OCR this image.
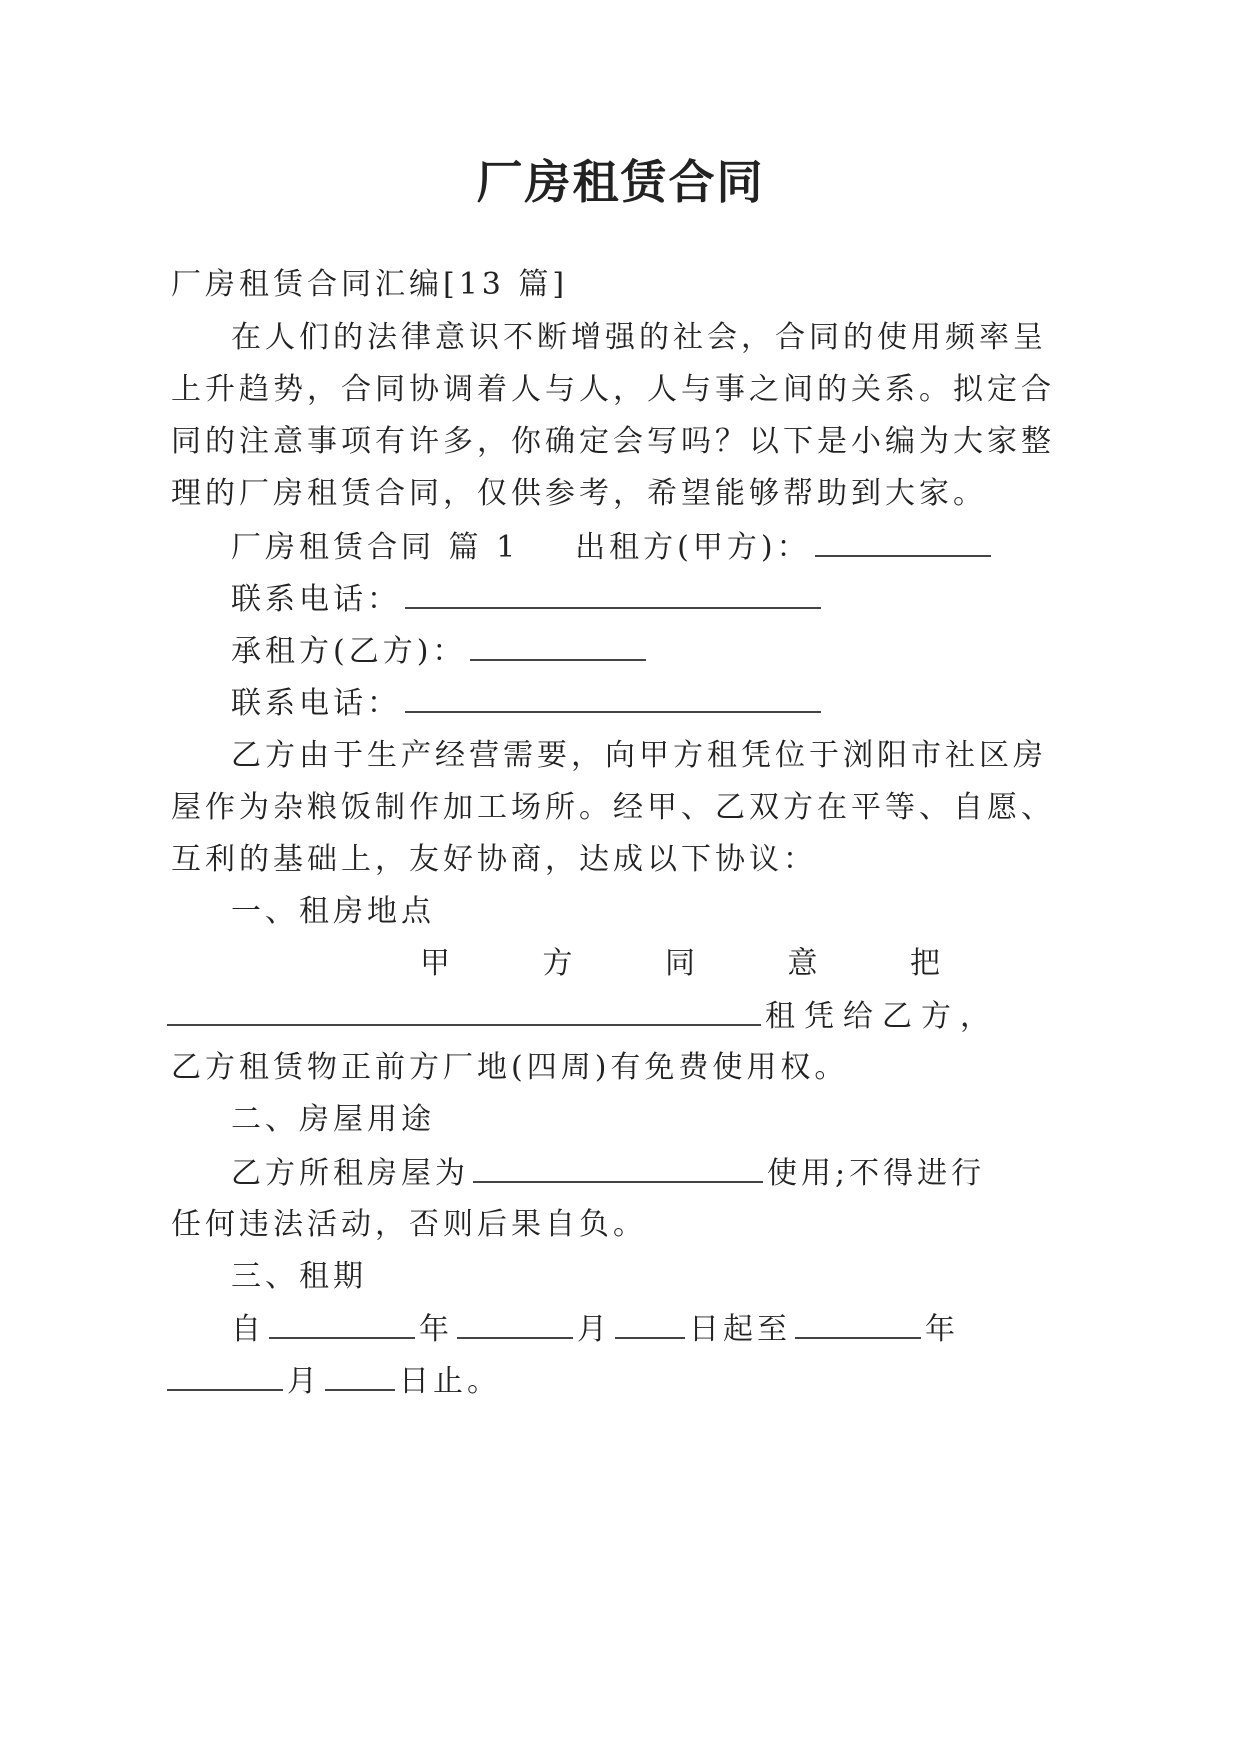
厂房租赁合同
厂房租赁合同汇编[13 篇]
在人们的法律意识不断增强的社会，合同的使用频率呈
上升趋势，合同协调着人与人，人与事之间的关系。拟定合
同的注意事项有许多，你确定会写吗？以下是小编为大家整
理的厂房租赁合同，仅供参考，希望能够帮助到大家。
厂房租赁合同 篇 1 出租方(甲方)：
联系电话：
承租方(乙方)：
联系电话：
乙方由于生产经营需要，向甲方租凭位于浏阳市社区房
屋作为杂粮饭制作加工场所。经甲、乙双方在平等、自愿、
互利的基础上，友好协商，达成以下协议：
一、租房地点
甲	方	同	意	把
租凭给乙方，
乙方租赁物正前方厂地(四周)有免费使用权。
二、房屋用途
乙方所租房屋为	使用;不得进行
任何违法活动，否则后果自负。
三、租期
自	年	月	日起至	年
月	日止。
